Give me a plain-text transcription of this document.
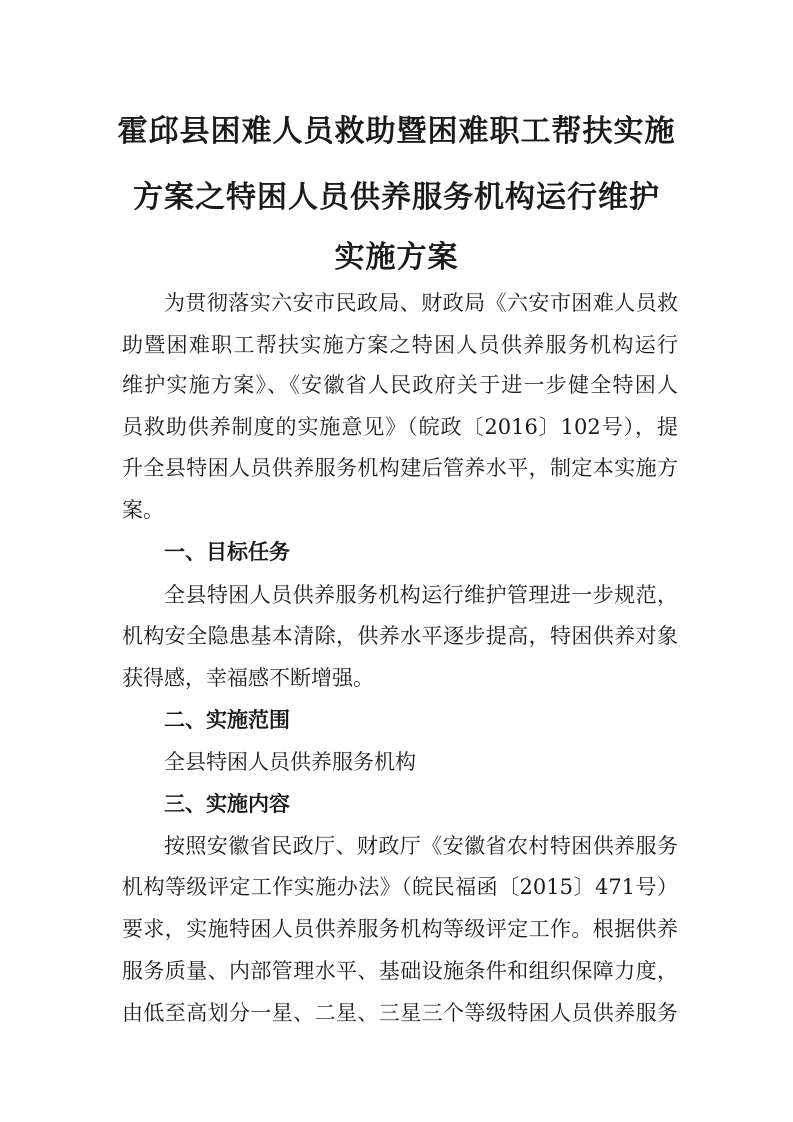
霍邱县困难人员救助暨困难职工帮扶实施
方案之特困人员供养服务机构运行维护
实施方案

为贯彻落实六安市民政局、财政局《六安市困难人员救

助暨困难职工帮扶实施方案之特困人员供养服务机构运行

维护实施方案》、《安徽省人民政府关于进一步健全特困人

员救助供养制度的实施意见》（皖政〔2016〕102号），提

升全县特困人员供养服务机构建后管养水平，制定本实施方

案。

一、目标任务

全县特困人员供养服务机构运行维护管理进一步规范，

机构安全隐患基本清除，供养水平逐步提高，特困供养对象

获得感，幸福感不断增强。

二、实施范围

全县特困人员供养服务机构

三、实施内容

按照安徽省民政厅、财政厅《安徽省农村特困供养服务

机构等级评定工作实施办法》（皖民福函〔2015〕471号）

要求，实施特困人员供养服务机构等级评定工作。根据供养

服务质量、内部管理水平、基础设施条件和组织保障力度，

由低至高划分一星、二星、三星三个等级特困人员供养服务
